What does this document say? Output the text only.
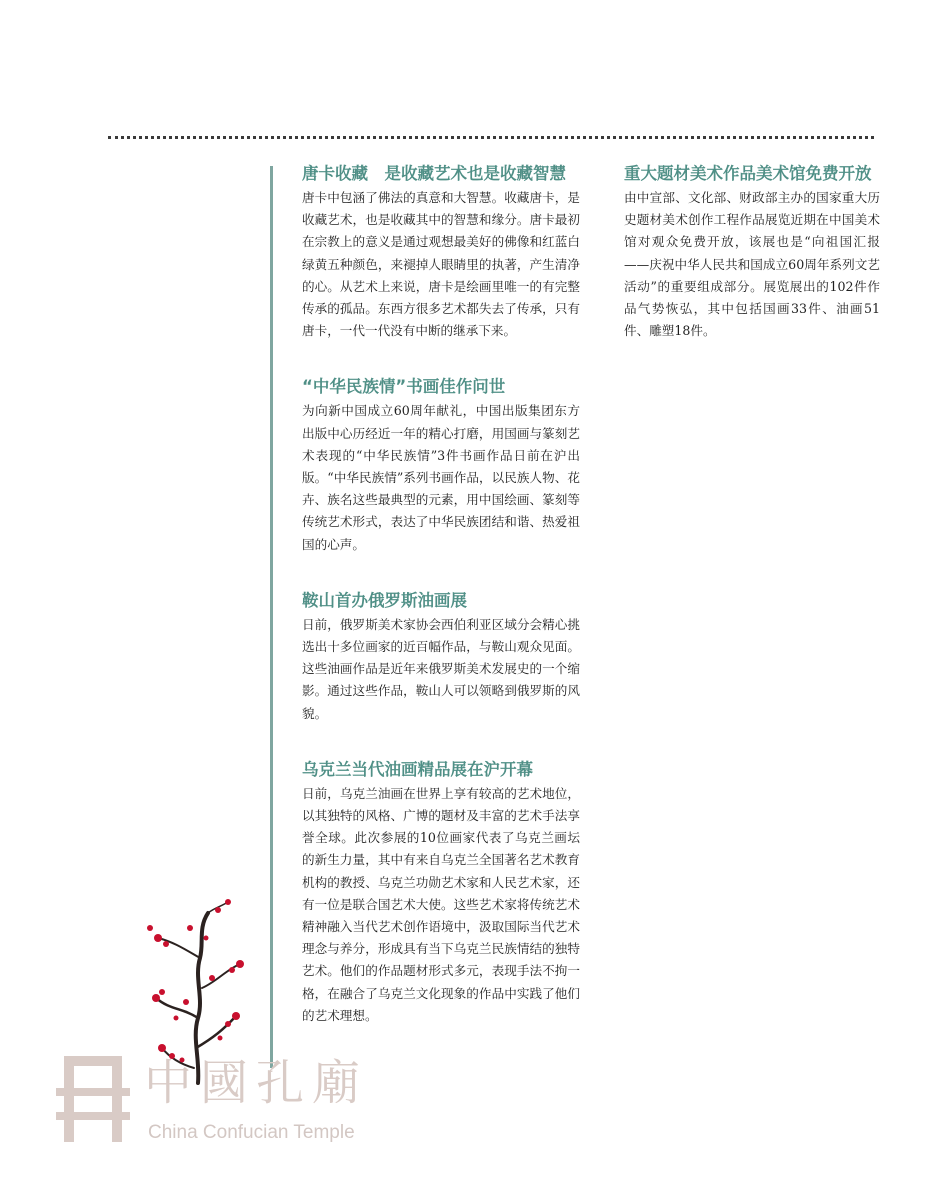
唐卡收藏　是收藏艺术也是收藏智慧

唐卡中包涵了佛法的真意和大智慧。收藏唐卡，是收藏艺术，也是收藏其中的智慧和缘分。唐卡最初在宗教上的意义是通过观想最美好的佛像和红蓝白绿黄五种颜色，来褪掉人眼睛里的执著，产生清净的心。从艺术上来说，唐卡是绘画里唯一的有完整传承的孤品。东西方很多艺术都失去了传承，只有唐卡，一代一代没有中断的继承下来。

“中华民族情”书画佳作问世

为向新中国成立60周年献礼，中国出版集团东方出版中心历经近一年的精心打磨，用国画与篆刻艺术表现的“中华民族情”3件书画作品日前在沪出版。“中华民族情”系列书画作品，以民族人物、花卉、族名这些最典型的元素，用中国绘画、篆刻等传统艺术形式，表达了中华民族团结和谐、热爱祖国的心声。

鞍山首办俄罗斯油画展

日前，俄罗斯美术家协会西伯利亚区域分会精心挑选出十多位画家的近百幅作品，与鞍山观众见面。这些油画作品是近年来俄罗斯美术发展史的一个缩影。通过这些作品，鞍山人可以领略到俄罗斯的风貌。

乌克兰当代油画精品展在沪开幕

日前，乌克兰油画在世界上享有较高的艺术地位，以其独特的风格、广博的题材及丰富的艺术手法享誉全球。此次参展的10位画家代表了乌克兰画坛的新生力量，其中有来自乌克兰全国著名艺术教育机构的教授、乌克兰功勋艺术家和人民艺术家，还有一位是联合国艺术大使。这些艺术家将传统艺术精神融入当代艺术创作语境中，汲取国际当代艺术理念与养分，形成具有当下乌克兰民族情结的独特艺术。他们的作品题材形式多元，表现手法不拘一格，在融合了乌克兰文化现象的作品中实践了他们的艺术理想。

重大题材美术作品美术馆免费开放

由中宣部、文化部、财政部主办的国家重大历史题材美术创作工程作品展览近期在中国美术馆对观众免费开放，该展也是“向祖国汇报——庆祝中华人民共和国成立60周年系列文艺活动”的重要组成部分。展览展出的102件作品气势恢弘，其中包括国画33件、油画51件、雕塑18件。

中國孔廟
China Confucian Temple
